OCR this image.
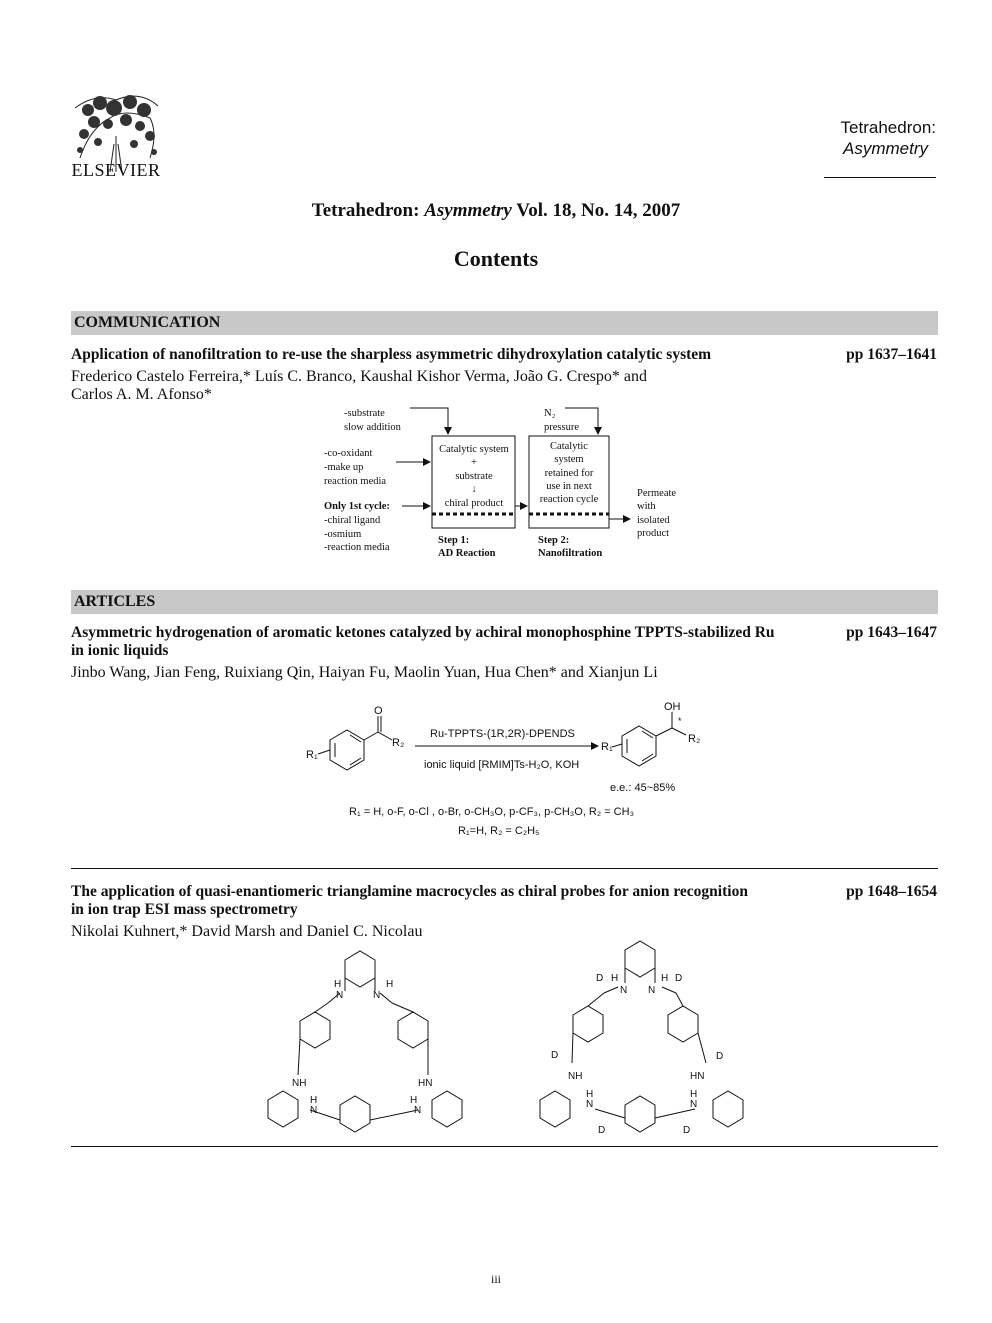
ELSEVIER
Tetrahedron:
Asymmetry
Tetrahedron: Asymmetry Vol. 18, No. 14, 2007
Contents
COMMUNICATION
Application of nanofiltration to re-use the sharpless asymmetric dihydroxylation catalytic system	pp 1637–1641
Frederico Castelo Ferreira,* Luís C. Branco, Kaushal Kishor Verma, João G. Crespo* and
Carlos A. M. Afonso*
-substrate
slow addition
N₂
pressure
-co-oxidant
-make up
reaction media
Only 1st cycle:
-chiral ligand
-osmium
-reaction media
Catalytic system
+
substrate
↓
chiral product
Catalytic
system
retained for
use in next
reaction cycle
Permeate
with
isolated
product
Step 1:
AD Reaction
Step 2:
Nanofiltration
ARTICLES
Asymmetric hydrogenation of aromatic ketones catalyzed by achiral monophosphine TPPTS-stabilized Ru
in ionic liquids
pp 1643–1647
Jinbo Wang, Jian Feng, Ruixiang Qin, Haiyan Fu, Maolin Yuan, Hua Chen* and Xianjun Li
R₁
O
R₂
Ru-TPPTS-(1R,2R)-DPENDS
ionic liquid [RMIM]Ts-H₂O, KOH
R₁
OH
*
R₂
e.e.: 45~85%
R₁ = H, o-F, o-Cl , o-Br, o-CH₃O, p-CF₃, p-CH₃O, R₂ = CH₃
R₁=H, R₂ = C₂H₅
The application of quasi-enantiomeric trianglamine macrocycles as chiral probes for anion recognition
in ion trap ESI mass spectrometry
pp 1648–1654
Nikolai Kuhnert,* David Marsh and Daniel C. Nicolau
N
H
N
H
NH
H
N
HN
H
N
D H
N N
H D
D	D
NH	HN
H
N
H
N
D	D
iii
